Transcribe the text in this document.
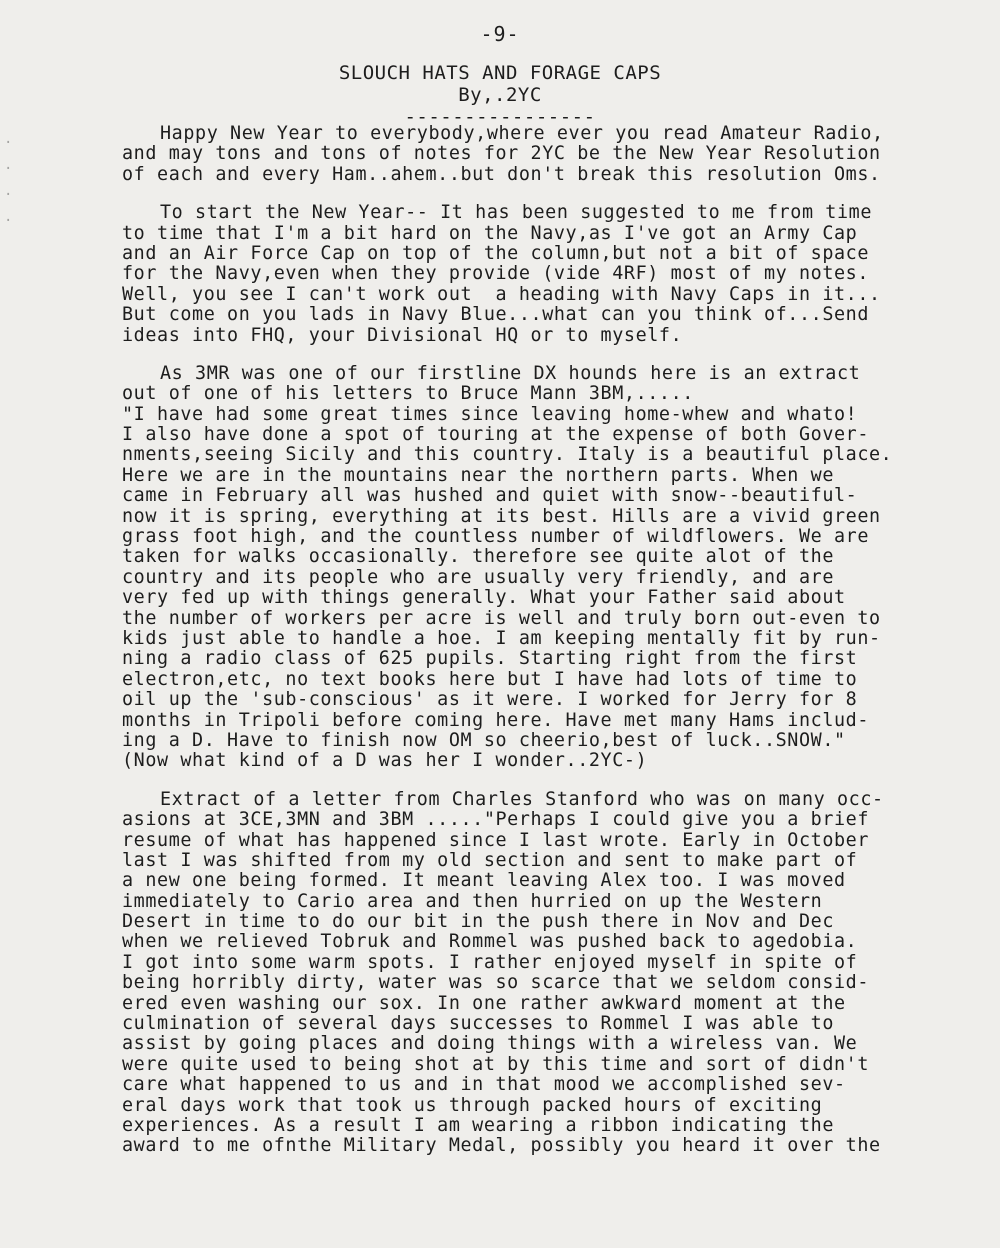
·
·
·
·
-9-
SLOUCH HATS AND FORAGE CAPS
By,.2YC
----------------
Happy New Year to everybody,where ever you read Amateur Radio,
and may tons and tons of notes for 2YC be the New Year Resolution
of each and every Ham..ahem..but don't break this resolution Oms.
To start the New Year-- It has been suggested to me from time
to time that I'm a bit hard on the Navy,as I've got an Army Cap
and an Air Force Cap on top of the column,but not a bit of space
for the Navy,even when they provide (vide 4RF) most of my notes.
Well, you see I can't work out  a heading with Navy Caps in it...
But come on you lads in Navy Blue...what can you think of...Send
ideas into FHQ, your Divisional HQ or to myself.
As 3MR was one of our firstline DX hounds here is an extract
out of one of his letters to Bruce Mann 3BM,.....
"I have had some great times since leaving home-whew and whato!
I also have done a spot of touring at the expense of both Gover-
nments,seeing Sicily and this country. Italy is a beautiful place.
Here we are in the mountains near the northern parts. When we
came in February all was hushed and quiet with snow--beautiful-
now it is spring, everything at its best. Hills are a vivid green
grass foot high, and the countless number of wildflowers. We are
taken for walks occasionally. therefore see quite alot of the
country and its people who are usually very friendly, and are
very fed up with things generally. What your Father said about
the number of workers per acre is well and truly born out-even to
kids just able to handle a hoe. I am keeping mentally fit by run-
ning a radio class of 625 pupils. Starting right from the first
electron,etc, no text books here but I have had lots of time to
oil up the 'sub-conscious' as it were. I worked for Jerry for 8
months in Tripoli before coming here. Have met many Hams includ-
ing a D. Have to finish now OM so cheerio,best of luck..SNOW."
(Now what kind of a D was her I wonder..2YC-)
Extract of a letter from Charles Stanford who was on many occ-
asions at 3CE,3MN and 3BM ....."Perhaps I could give you a brief
resume of what has happened since I last wrote. Early in October
last I was shifted from my old section and sent to make part of
a new one being formed. It meant leaving Alex too. I was moved
immediately to Cario area and then hurried on up the Western
Desert in time to do our bit in the push there in Nov and Dec
when we relieved Tobruk and Rommel was pushed back to agedobia.
I got into some warm spots. I rather enjoyed myself in spite of
being horribly dirty, water was so scarce that we seldom consid-
ered even washing our sox. In one rather awkward moment at the
culmination of several days successes to Rommel I was able to
assist by going places and doing things with a wireless van. We
were quite used to being shot at by this time and sort of didn't
care what happened to us and in that mood we accomplished sev-
eral days work that took us through packed hours of exciting
experiences. As a result I am wearing a ribbon indicating the
award to me ofnthe Military Medal, possibly you heard it over the
